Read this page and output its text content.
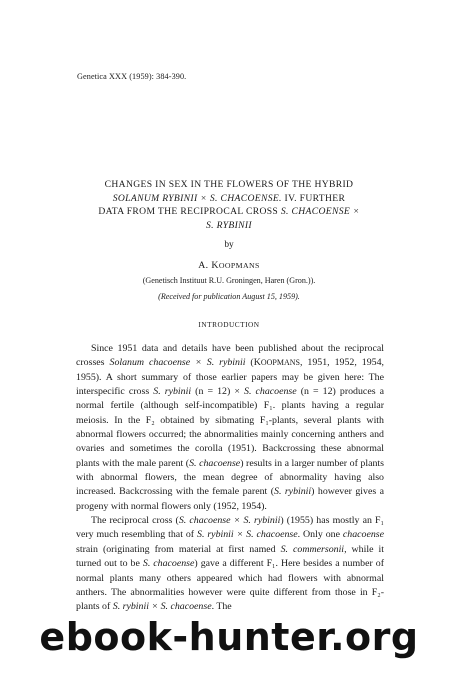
Genetica XXX (1959): 384-390.
CHANGES IN SEX IN THE FLOWERS OF THE HYBRID
SOLANUM RYBINII × S. CHACOENSE. IV. FURTHER
DATA FROM THE RECIPROCAL CROSS S. CHACOENSE ×
S. RYBINII
by
A. KOOPMANS
(Genetisch Instituut R.U. Groningen, Haren (Gron.)).
(Received for publication August 15, 1959).
INTRODUCTION

Since 1951 data and details have been published about the reciprocal crosses Solanum chacoense × S. rybinii (KOOPMANS, 1951, 1952, 1954, 1955). A short summary of those earlier papers may be given here: The interspecific cross S. rybinii (n = 12) × S. chacoense (n = 12) produces a normal fertile (although self-incompatible) F₁. plants having a regular meiosis. In the F₂ obtained by sibmating F₁-plants, several plants with abnormal flowers occurred; the abnormalities mainly concerning anthers and ovaries and sometimes the corolla (1951). Backcrossing these abnormal plants with the male parent (S. chacoense) results in a larger number of plants with abnormal flowers, the mean degree of abnormality having also increased. Backcrossing with the female parent (S. rybinii) however gives a progeny with normal flowers only (1952, 1954).

The reciprocal cross (S. chacoense × S. rybinii) (1955) has mostly an F₁ very much resembling that of S. rybinii × S. chacoense. Only one chacoense strain (originating from material at first named S. commersonii, while it turned out to be S. chacoense) gave a different F₁. Here besides a number of normal plants many others appeared which had flowers with abnormal anthers. The abnormalities however were quite different from those in F₂-plants of S. rybinii × S. chacoense. The

ebook-hunter.org
